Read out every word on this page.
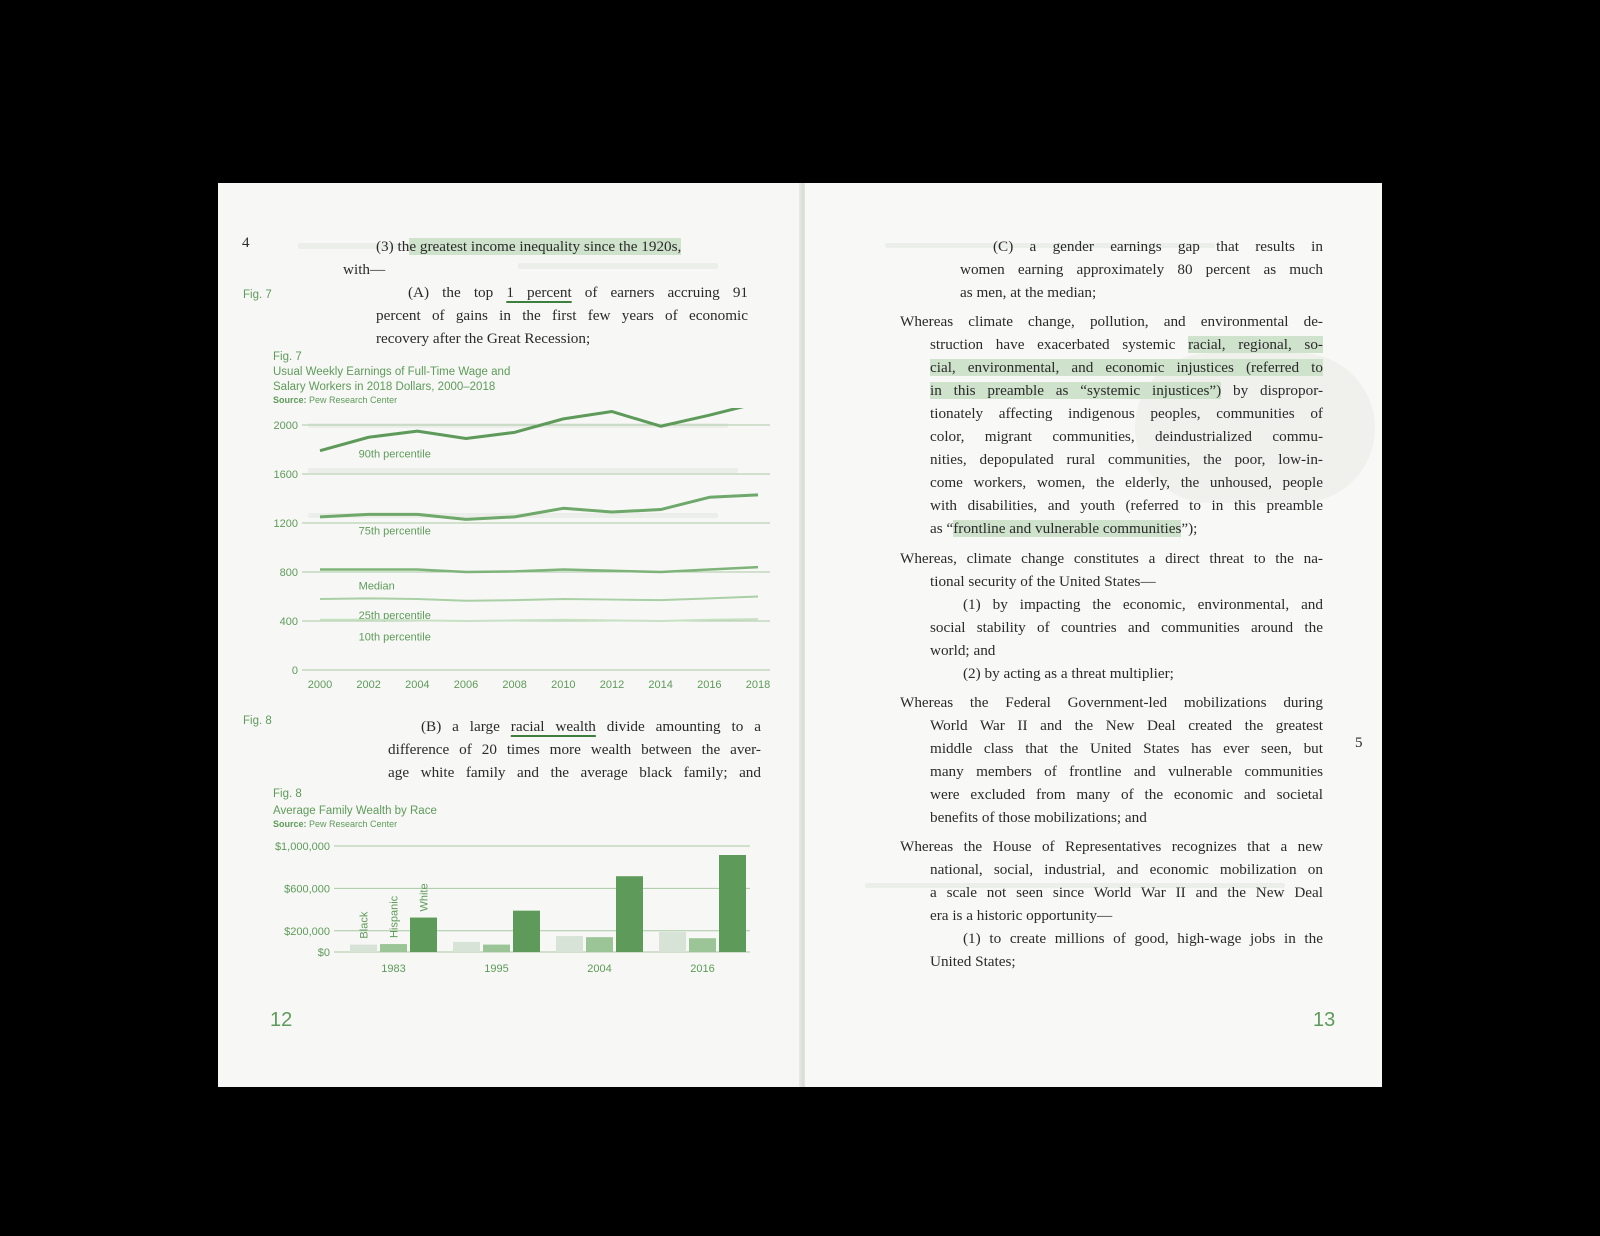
4
Fig. 7
(3) the greatest income inequality since the 1920s,
with—
(A) the top 1 percent of earners accruing 91
percent of gains in the first few years of economic
recovery after the Great Recession;
Fig. 7
Usual Weekly Earnings of Full-Time Wage and
Salary Workers in 2018 Dollars, 2000–2018
Source: Pew Research Center
0
400
800
1200
1600
2000
2000 2002 2004 2006 2008 2010 2012 2014 2016 2018
90th percentile
75th percentile
Median
25th percentile
10th percentile
Fig. 8	(B) a large racial wealth divide amounting to a
difference of 20 times more wealth between the aver-
age white family and the average black family; and
Fig. 8
Average Family Wealth by Race
Source: Pew Research Center
$0
$200,000
$600,000
$1,000,000
Black Hispanic White
1983	1995	2004	2016
12
(C) a gender earnings gap that results in
women earning approximately 80 percent as much
as men, at the median;
Whereas climate change, pollution, and environmental de-
struction have exacerbated systemic racial, regional, so-
cial, environmental, and economic injustices (referred to
in this preamble as “systemic injustices”) by dispropor-
tionately affecting indigenous peoples, communities of
color, migrant communities, deindustrialized commu-
nities, depopulated rural communities, the poor, low-in-
come workers, women, the elderly, the unhoused, people
with disabilities, and youth (referred to in this preamble
as “frontline and vulnerable communities”);
Whereas, climate change constitutes a direct threat to the na-
tional security of the United States—
(1) by impacting the economic, environmental, and
social stability of countries and communities around the
world; and
(2) by acting as a threat multiplier;
Whereas the Federal Government-led mobilizations during
World War II and the New Deal created the greatest
middle class that the United States has ever seen, but
many members of frontline and vulnerable communities
were excluded from many of the economic and societal
benefits of those mobilizations; and
Whereas the House of Representatives recognizes that a new
national, social, industrial, and economic mobilization on
a scale not seen since World War II and the New Deal
era is a historic opportunity—
(1) to create millions of good, high-wage jobs in the
United States;
5
13
